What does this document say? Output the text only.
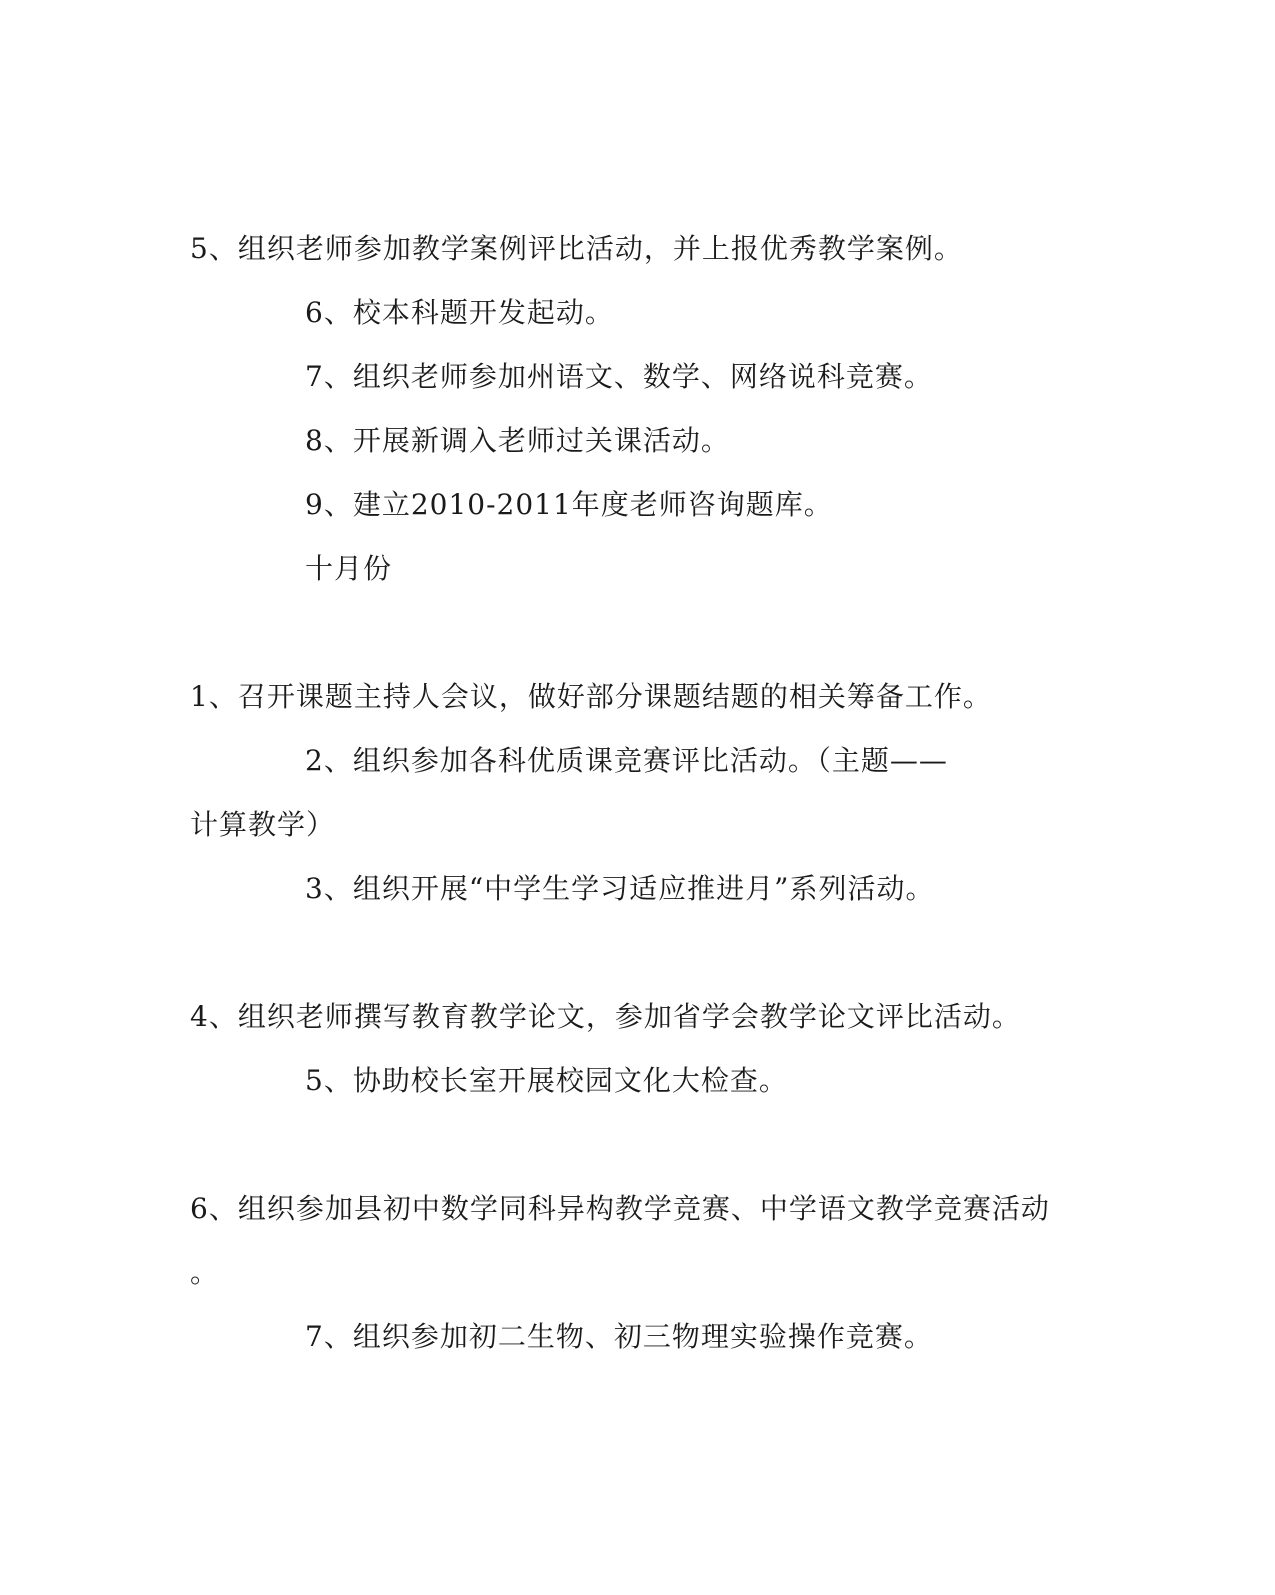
5、组织老师参加教学案例评比活动，并上报优秀教学案例。
6、校本科题开发起动。
7、组织老师参加州语文、数学、网络说科竞赛。
8、开展新调入老师过关课活动。
9、建立2010-2011年度老师咨询题库。
十月份
1、召开课题主持人会议，做好部分课题结题的相关筹备工作。
2、组织参加各科优质课竞赛评比活动。（主题——
计算教学）
3、组织开展“中学生学习适应推进月”系列活动。
4、组织老师撰写教育教学论文，参加省学会教学论文评比活动。
5、协助校长室开展校园文化大检查。
6、组织参加县初中数学同科异构教学竞赛、中学语文教学竞赛活动
。
7、组织参加初二生物、初三物理实验操作竞赛。
